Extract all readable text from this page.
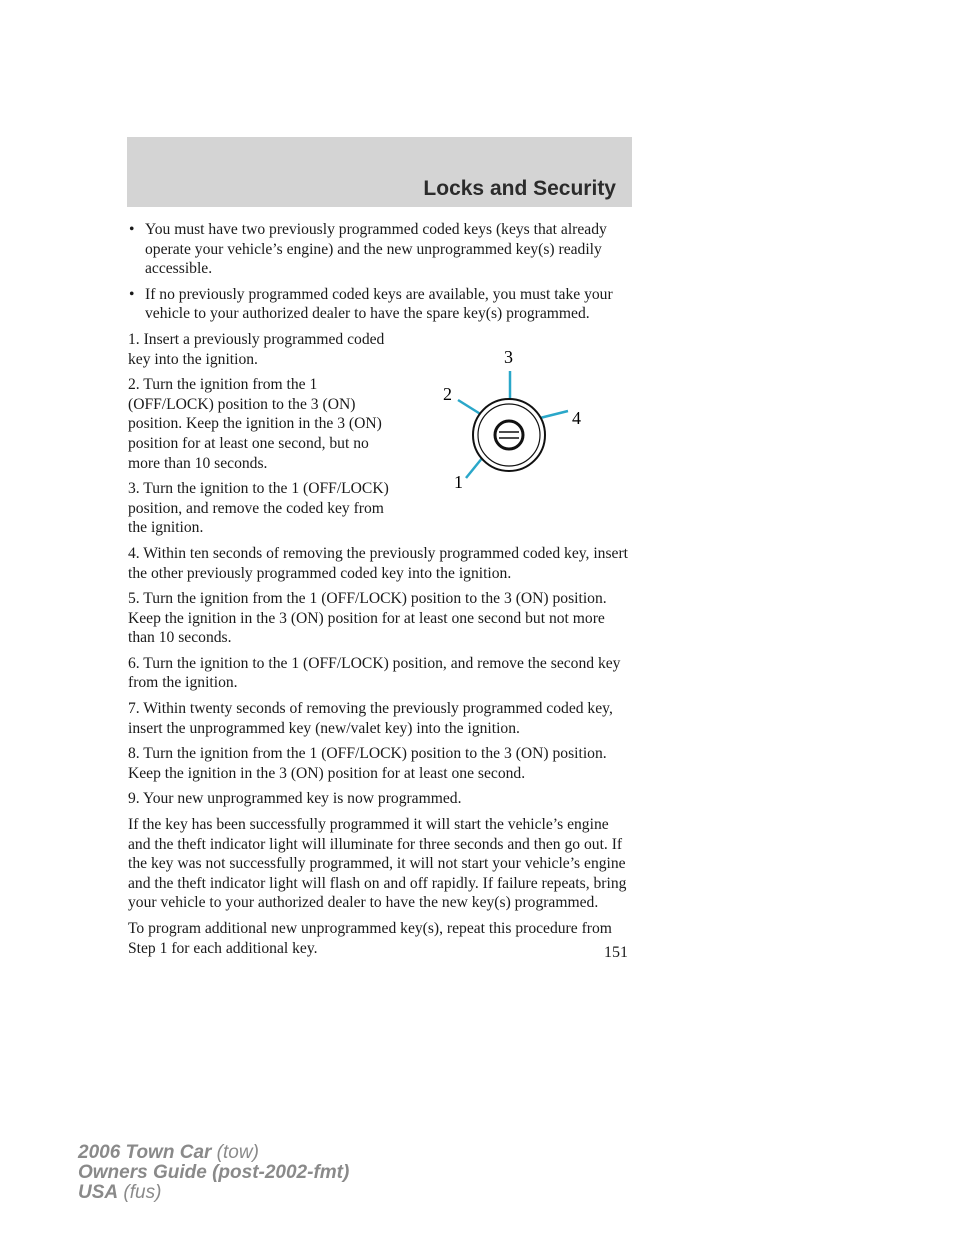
Locks and Security

• You must have two previously programmed coded keys (keys that already operate your vehicle’s engine) and the new unprogrammed key(s) readily accessible.

• If no previously programmed coded keys are available, you must take your vehicle to your authorized dealer to have the spare key(s) programmed.

1. Insert a previously programmed coded key into the ignition.

2. Turn the ignition from the 1 (OFF/LOCK) position to the 3 (ON) position. Keep the ignition in the 3 (ON) position for at least one second, but no more than 10 seconds.

3. Turn the ignition to the 1 (OFF/LOCK) position, and remove the coded key from the ignition.

4. Within ten seconds of removing the previously programmed coded key, insert the other previously programmed coded key into the ignition.

5. Turn the ignition from the 1 (OFF/LOCK) position to the 3 (ON) position. Keep the ignition in the 3 (ON) position for at least one second but not more than 10 seconds.

6. Turn the ignition to the 1 (OFF/LOCK) position, and remove the second key from the ignition.

7. Within twenty seconds of removing the previously programmed coded key, insert the unprogrammed key (new/valet key) into the ignition.

8. Turn the ignition from the 1 (OFF/LOCK) position to the 3 (ON) position. Keep the ignition in the 3 (ON) position for at least one second.

9. Your new unprogrammed key is now programmed.

If the key has been successfully programmed it will start the vehicle’s engine and the theft indicator light will illuminate for three seconds and then go out. If the key was not successfully programmed, it will not start your vehicle’s engine and the theft indicator light will flash on and off rapidly. If failure repeats, bring your vehicle to your authorized dealer to have the new key(s) programmed.

To program additional new unprogrammed key(s), repeat this procedure from Step 1 for each additional key.

1
2
3
4
151
2006 Town Car (tow)
Owners Guide (post-2002-fmt)
USA (fus)
